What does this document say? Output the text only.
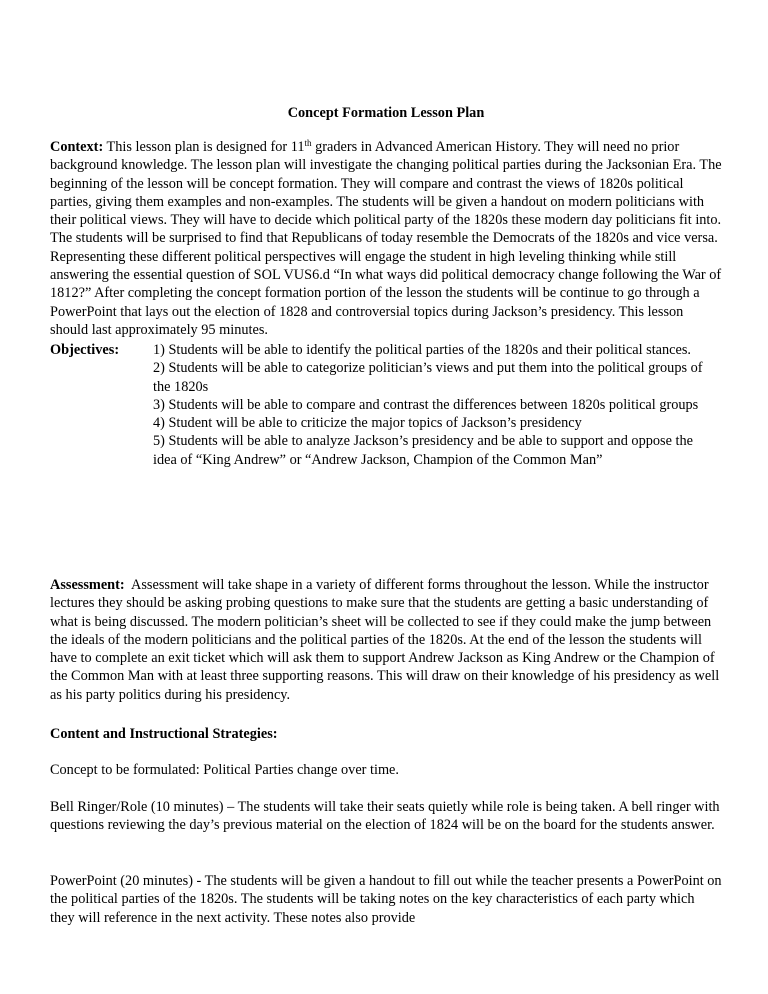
Concept Formation Lesson Plan

Context: This lesson plan is designed for 11th graders in Advanced American History. They will need no prior background knowledge. The lesson plan will investigate the changing political parties during the Jacksonian Era. The beginning of the lesson will be concept formation. They will compare and contrast the views of 1820s political parties, giving them examples and non-examples. The students will be given a handout on modern politicians with their political views. They will have to decide which political party of the 1820s these modern day politicians fit into. The students will be surprised to find that Republicans of today resemble the Democrats of the 1820s and vice versa. Representing these different political perspectives will engage the student in high leveling thinking while still answering the essential question of SOL VUS6.d “In what ways did political democracy change following the War of 1812?” After completing the concept formation portion of the lesson the students will be continue to go through a PowerPoint that lays out the election of 1828 and controversial topics during Jackson’s presidency. This lesson should last approximately 95 minutes.

Objectives: 1) Students will be able to identify the political parties of the 1820s and their political stances.

2) Students will be able to categorize politician’s views and put them into the political groups of the 1820s

3) Students will be able to compare and contrast the differences between 1820s political groups

4) Student will be able to criticize the major topics of Jackson’s presidency

5) Students will be able to analyze Jackson’s presidency and be able to support and oppose the idea of “King Andrew” or “Andrew Jackson, Champion of the Common Man”

Assessment:  Assessment will take shape in a variety of different forms throughout the lesson. While the instructor lectures they should be asking probing questions to make sure that the students are getting a basic understanding of what is being discussed. The modern politician’s sheet will be collected to see if they could make the jump between the ideals of the modern politicians and the political parties of the 1820s. At the end of the lesson the students will have to complete an exit ticket which will ask them to support Andrew Jackson as King Andrew or the Champion of the Common Man with at least three supporting reasons. This will draw on their knowledge of his presidency as well as his party politics during his presidency.

Content and Instructional Strategies:

Concept to be formulated: Political Parties change over time.

Bell Ringer/Role (10 minutes) – The students will take their seats quietly while role is being taken. A bell ringer with questions reviewing the day’s previous material on the election of 1824 will be on the board for the students answer.

PowerPoint (20 minutes) - The students will be given a handout to fill out while the teacher presents a PowerPoint on the political parties of the 1820s. The students will be taking notes on the key characteristics of each party which they will reference in the next activity. These notes also provide
